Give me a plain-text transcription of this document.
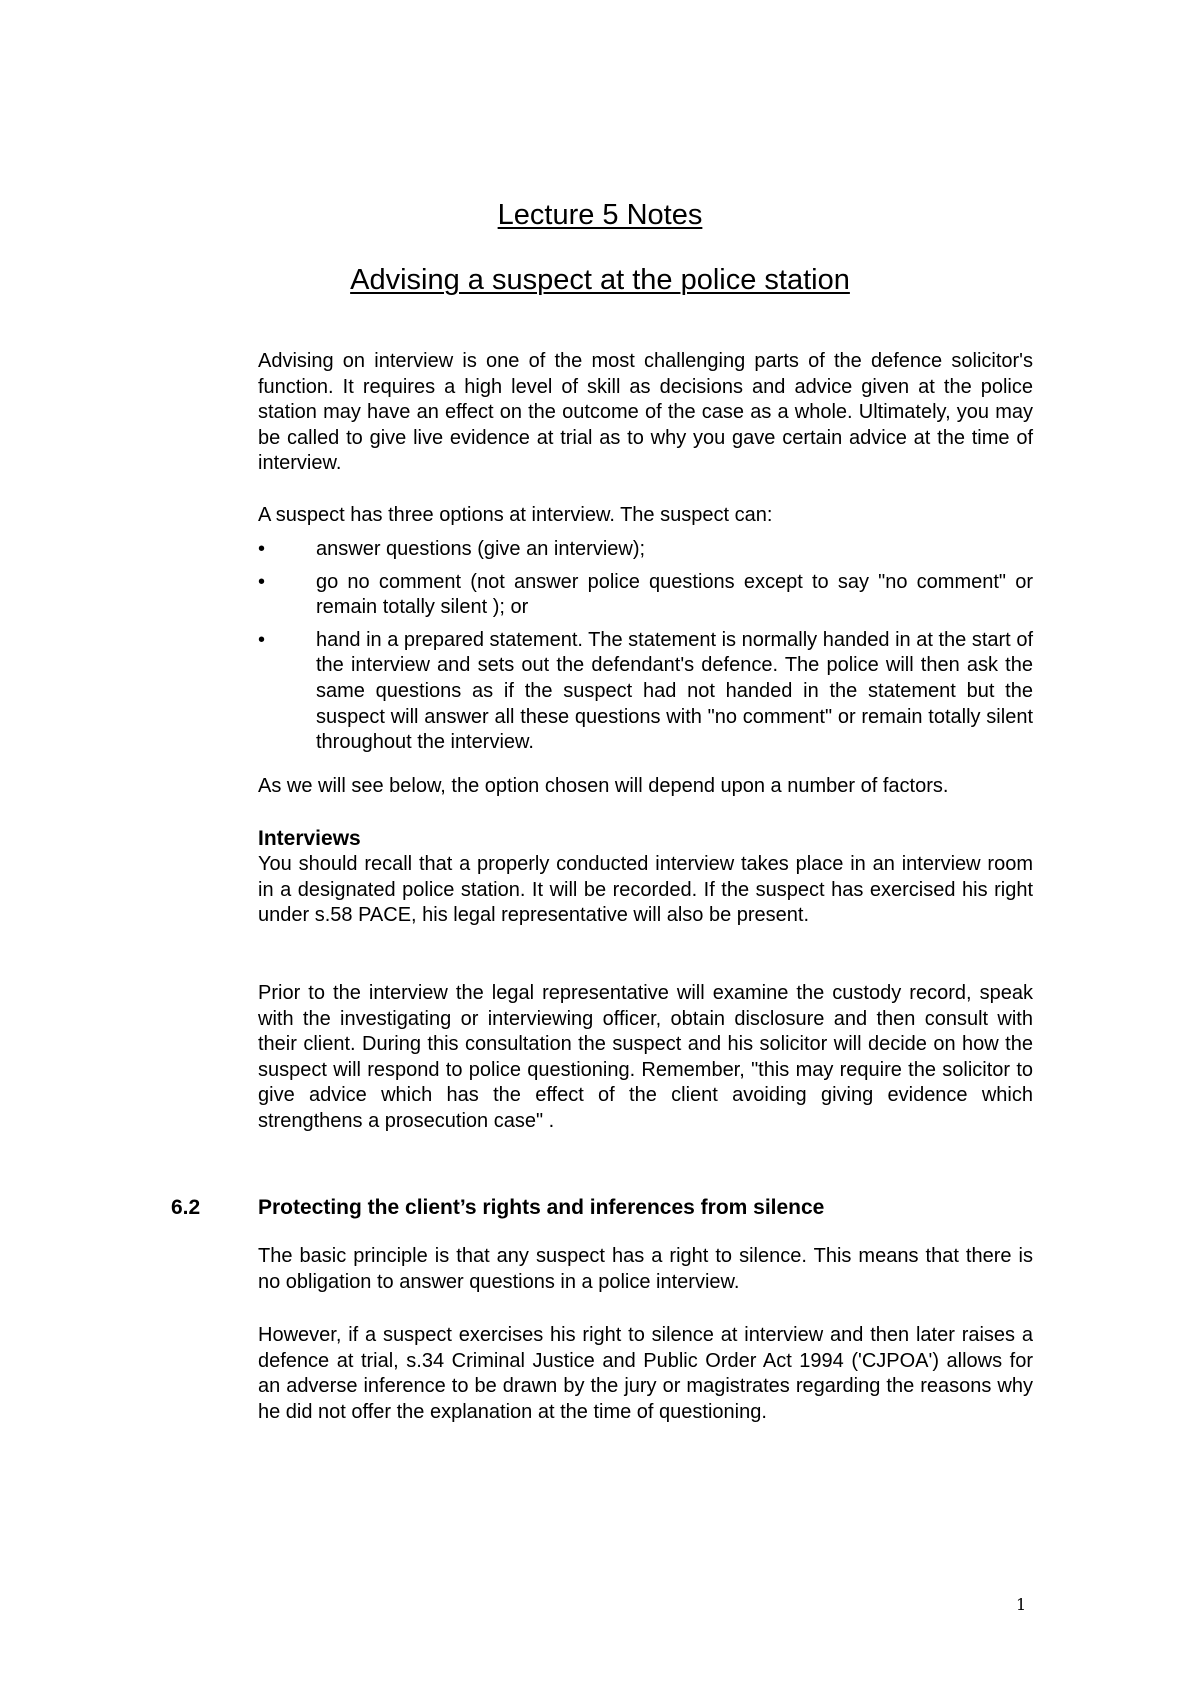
Lecture 5 Notes
Advising a suspect at the police station

Advising on interview is one of the most challenging parts of the defence solicitor's function. It requires a high level of skill as decisions and advice given at the police station may have an effect on the outcome of the case as a whole. Ultimately, you may be called to give live evidence at trial as to why you gave certain advice at the time of interview.

A suspect has three options at interview. The suspect can:

•	answer questions (give an interview);
•	go no comment (not answer police questions except to say "no comment" or remain totally silent ); or
•	hand in a prepared statement. The statement is normally handed in at the start of the interview and sets out the defendant's defence. The police will then ask the same questions as if the suspect had not handed in the statement but the suspect will answer all these questions with "no comment" or remain totally silent throughout the interview.

As we will see below, the option chosen will depend upon a number of factors.

Interviews

You should recall that a properly conducted interview takes place in an interview room in a designated police station. It will be recorded. If the suspect has exercised his right under s.58 PACE, his legal representative will also be present.

Prior to the interview the legal representative will examine the custody record, speak with the investigating or interviewing officer, obtain disclosure and then consult with their client. During this consultation the suspect and his solicitor will decide on how the suspect will respond to police questioning. Remember, "this may require the solicitor to give advice which has the effect of the client avoiding giving evidence which strengthens a prosecution case" .

6.2	Protecting the client’s rights and inferences from silence

The basic principle is that any suspect has a right to silence. This means that there is no obligation to answer questions in a police interview.

However, if a suspect exercises his right to silence at interview and then later raises a defence at trial, s.34 Criminal Justice and Public Order Act 1994 ('CJPOA') allows for an adverse inference to be drawn by the jury or magistrates regarding the reasons why he did not offer the explanation at the time of questioning.

1
